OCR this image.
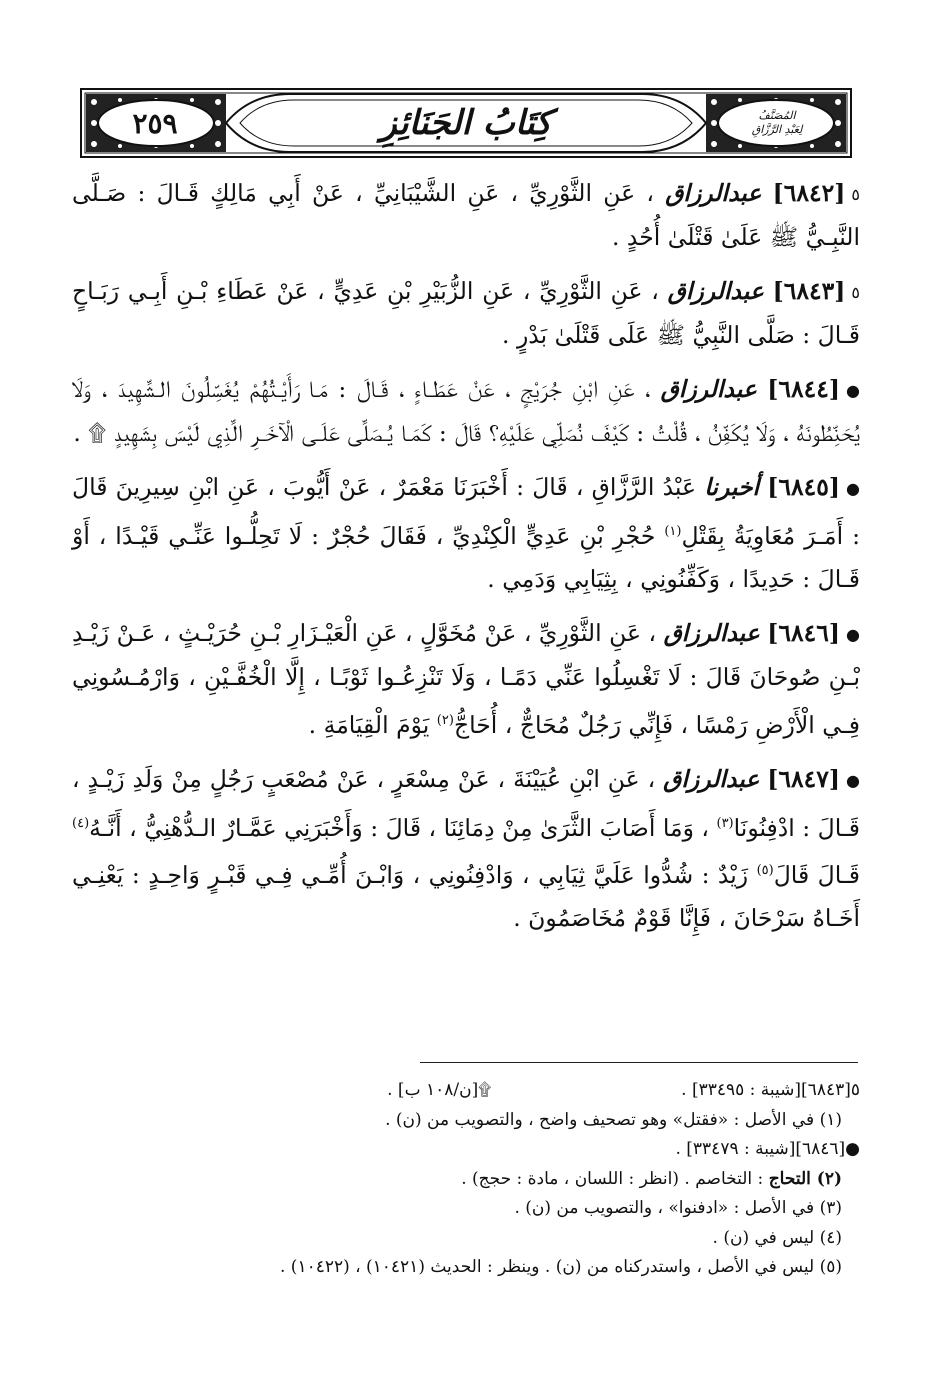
٢٥٩	كِتَابُ الجَنَائِزِ	المُصَنَّفُ
لِعَبْدِ الرَّزَّاقِ
٥[٦٨٤٢] عبدالرزاق ، عَنِ الثَّوْرِيِّ ، عَنِ الشَّيْبَانِيِّ ، عَنْ أَبِي مَالِكٍ قَـالَ : صَـلَّى النَّبِـيُّ ﷺ عَلَىٰ قَتْلَىٰ أُحُدٍ .
٥[٦٨٤٣] عبدالرزاق ، عَنِ الثَّوْرِيِّ ، عَنِ الزُّبَيْرِ بْنِ عَدِيٍّ ، عَنْ عَطَاءِ بْـنِ أَبِـي رَبَـاحٍ قَـالَ : صَلَّى النَّبِيُّ ﷺ عَلَى قَتْلَىٰ بَدْرٍ .
●[٦٨٤٤] عبدالرزاق ، عَنِ ابْنِ جُرَيْجٍ ، عَنْ عَطَـاءٍ ، قَـالَ : مَـا رَأَيْـتُهُمْ يُغَسِّلُونَ الـشَّهِيدَ ، وَلَا يُحَنِّطُونَهُ ، وَلَا يُكَفِّنُ ، قُلْتُ : كَيْفَ نُصَلِّي عَلَيْهِ؟ قَالَ : كَمَـا يُـصَلَّى عَلَـى الْآخَـرِ الَّذِي لَيْسَ بِشَهِيدٍ ۩ .
●[٦٨٤٥] أخبرنا عَبْدُ الرَّزَّاقِ ، قَالَ : أَخْبَرَنَا مَعْمَرٌ ، عَنْ أَيُّوبَ ، عَنِ ابْنِ سِيرِينَ قَالَ : أَمَـرَ مُعَاوِيَةُ بِقَتْلِ$^{(١)}$ حُجْرِ بْنِ عَدِيٍّ الْكِنْدِيِّ ، فَقَالَ حُجْرٌ : لَا تَحِلُّـوا عَنِّـي قَيْـدًا ، أَوْ قَـالَ : حَدِيدًا ، وَكَفِّنُونِي ، بِثِيَابِي وَدَمِي .
●[٦٨٤٦] عبدالرزاق ، عَنِ الثَّوْرِيِّ ، عَنْ مُخَوَّلٍ ، عَنِ الْعَيْـزَارِ بْـنِ حُرَيْـثٍ ، عَـنْ زَيْـدِ بْـنِ صُوحَانَ قَالَ : لَا تَغْسِلُوا عَنِّي دَمًـا ، وَلَا تَنْزِعُـوا ثَوْبًـا ، إِلَّا الْخُفَّـيْنِ ، وَارْمُـسُونِي فِـي الْأَرْضِ رَمْسًا ، فَإِنِّي رَجُلٌ مُحَاجٌّ ، أُحَاجُّ$^{(٢)}$ يَوْمَ الْقِيَامَةِ .
●[٦٨٤٧] عبدالرزاق ، عَنِ ابْنِ عُيَيْنَةَ ، عَنْ مِسْعَرٍ ، عَنْ مُصْعَبٍ رَجُلٍ مِنْ وَلَدِ زَيْـدٍ ، قَـالَ : ادْفِنُونَا$^{(٣)}$ ، وَمَا أَصَابَ الثَّرَىٰ مِنْ دِمَائِنَا ، قَالَ : وَأَخْبَرَنِي عَمَّـارٌ الـدُّهْنِيُّ ، أَنَّـهُ$^{(٤)}$ قَـالَ قَالَ$^{(٥)}$ زَيْدٌ : شُدُّوا عَلَيَّ ثِيَابِي ، وَادْفِنُونِي ، وَابْـنَ أُمِّـي فِـي قَبْـرٍ وَاحِـدٍ : يَعْنِـي أَخَـاهُ سَرْحَانَ ، فَإِنَّا قَوْمٌ مُخَاصَمُونَ .
٥[٦٨٤٣][شيبة : ٣٣٤٩٥] .
۩[ن/١٠٨ ب] .
(١) في الأصل : «فقتل» وهو تصحيف واضح ، والتصويب من (ن) .
●[٦٨٤٦][شيبة : ٣٣٤٧٩] .
(٢) التحاج : التخاصم . (انظر : اللسان ، مادة : حجج) .
(٣) في الأصل : «ادفنوا» ، والتصويب من (ن) .
(٤) ليس في (ن) .
(٥) ليس في الأصل ، واستدركناه من (ن) . وينظر : الحديث (١٠٤٢١) ، (١٠٤٢٢) .
